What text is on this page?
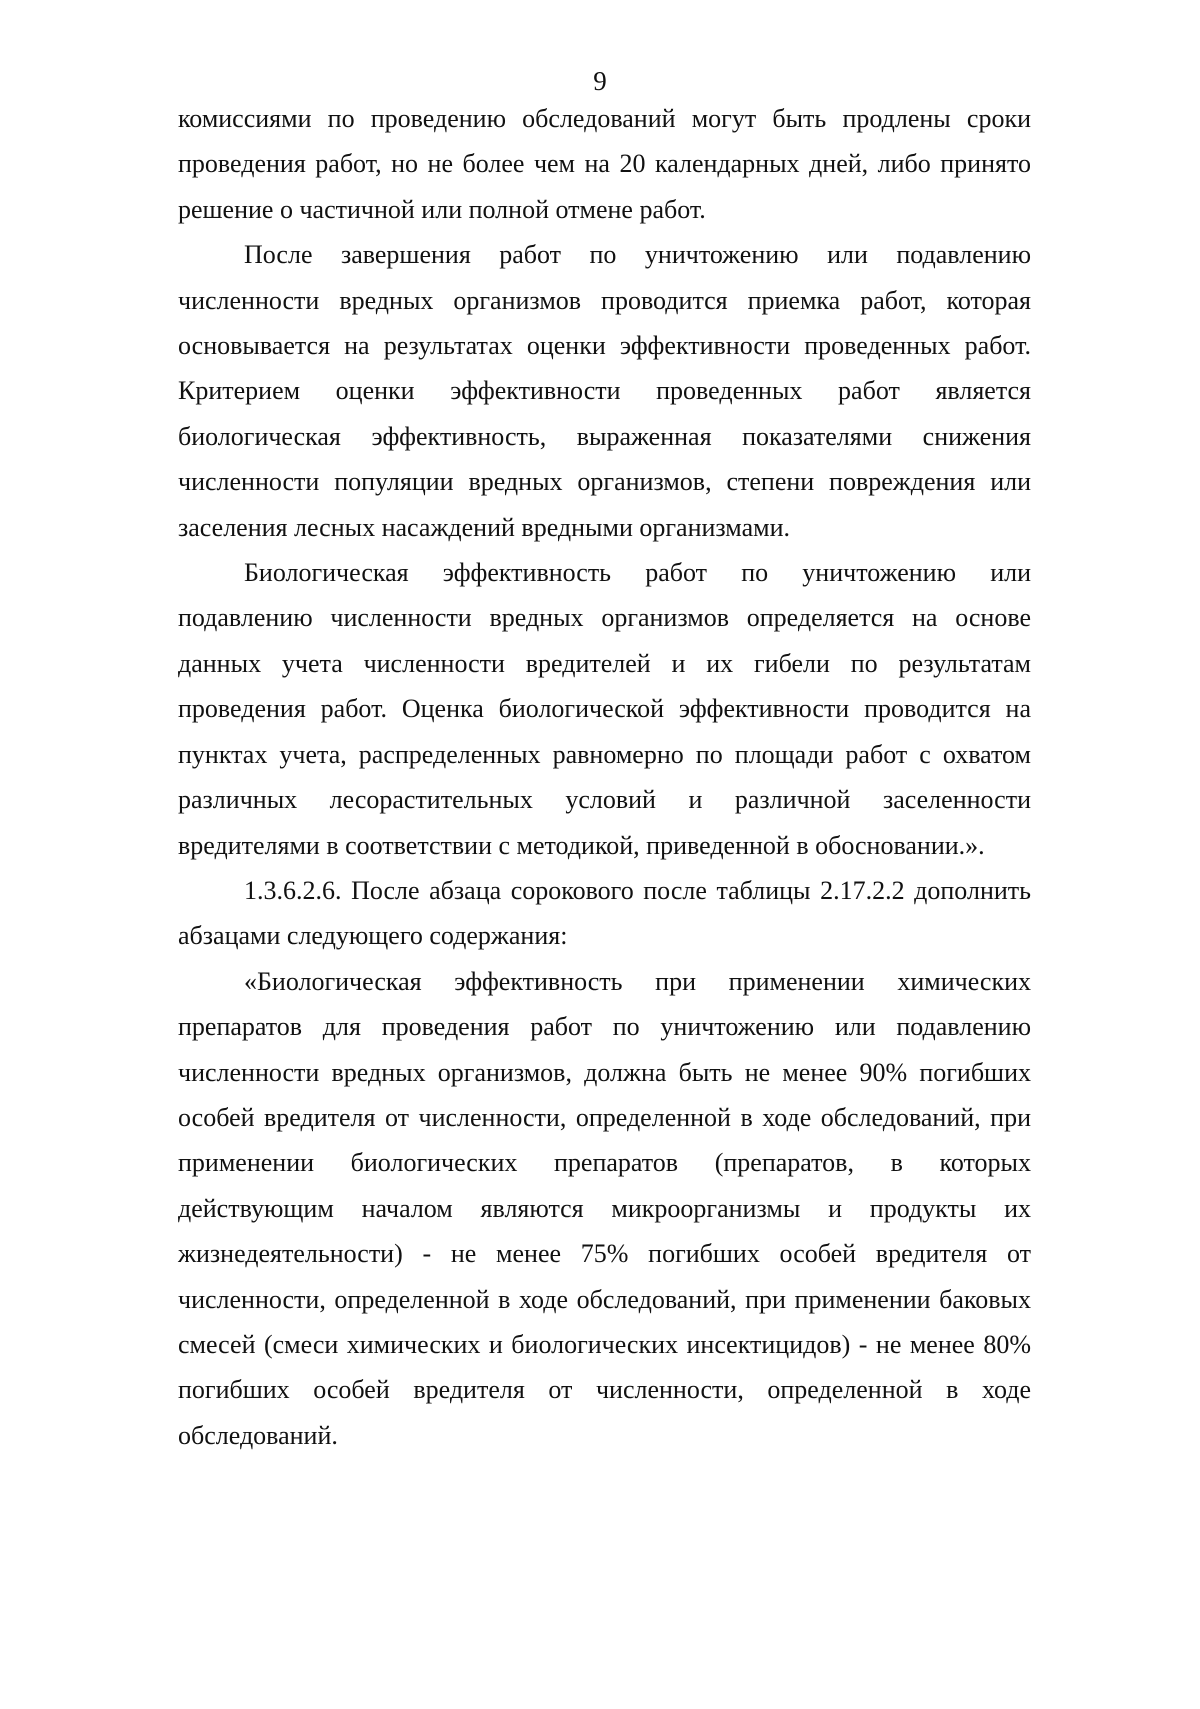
9

комиссиями по проведению обследований могут быть продлены сроки проведения работ, но не более чем на 20 календарных дней, либо принято решение о частичной или полной отмене работ.

После завершения работ по уничтожению или подавлению численности вредных организмов проводится приемка работ, которая основывается на результатах оценки эффективности проведенных работ. Критерием оценки эффективности проведенных работ является биологическая эффективность, выраженная показателями снижения численности популяции вредных организмов, степени повреждения или заселения лесных насаждений вредными организмами.

Биологическая эффективность работ по уничтожению или подавлению численности вредных организмов определяется на основе данных учета численности вредителей и их гибели по результатам проведения работ. Оценка биологической эффективности проводится на пунктах учета, распределенных равномерно по площади работ с охватом различных лесорастительных условий и различной заселенности вредителями в соответствии с методикой, приведенной в обосновании.».

1.3.6.2.6. После абзаца сорокового после таблицы 2.17.2.2 дополнить абзацами следующего содержания:

«Биологическая эффективность при применении химических препаратов для проведения работ по уничтожению или подавлению численности вредных организмов, должна быть не менее 90% погибших особей вредителя от численности, определенной в ходе обследований, при применении биологических препаратов (препаратов, в которых действующим началом являются микроорганизмы и продукты их жизнедеятельности) - не менее 75% погибших особей вредителя от численности, определенной в ходе обследований, при применении баковых смесей (смеси химических и биологических инсектицидов) - не менее 80% погибших особей вредителя от численности, определенной в ходе обследований.
